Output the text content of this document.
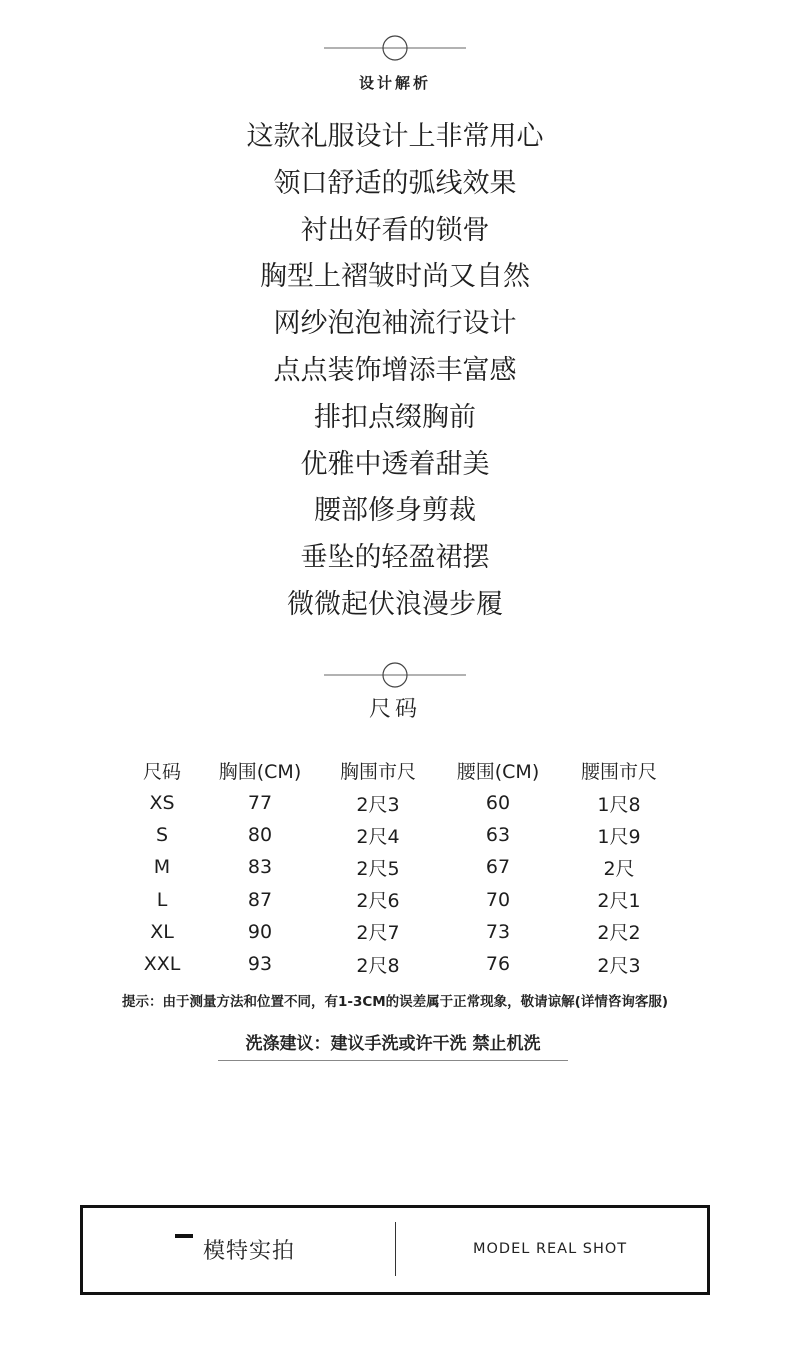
设计解析
这款礼服设计上非常用心
领口舒适的弧线效果
衬出好看的锁骨
胸型上褶皱时尚又自然
网纱泡泡袖流行设计
点点装饰增添丰富感
排扣点缀胸前
优雅中透着甜美
腰部修身剪裁
垂坠的轻盈裙摆
微微起伏浪漫步履
尺码
尺码	胸围(CM)	胸围市尺	腰围(CM)	腰围市尺
XS	77	2尺3	60	1尺8
S	80	2尺4	63	1尺9
M	83	2尺5	67	2尺
L	87	2尺6	70	2尺1
XL	90	2尺7	73	2尺2
XXL	93	2尺8	76	2尺3
提示：由于测量方法和位置不同，有1-3CM的误差属于正常现象，敬请谅解(详情咨询客服)
洗涤建议：建议手洗或许干洗 禁止机洗
模特实拍	MODEL REAL SHOT
